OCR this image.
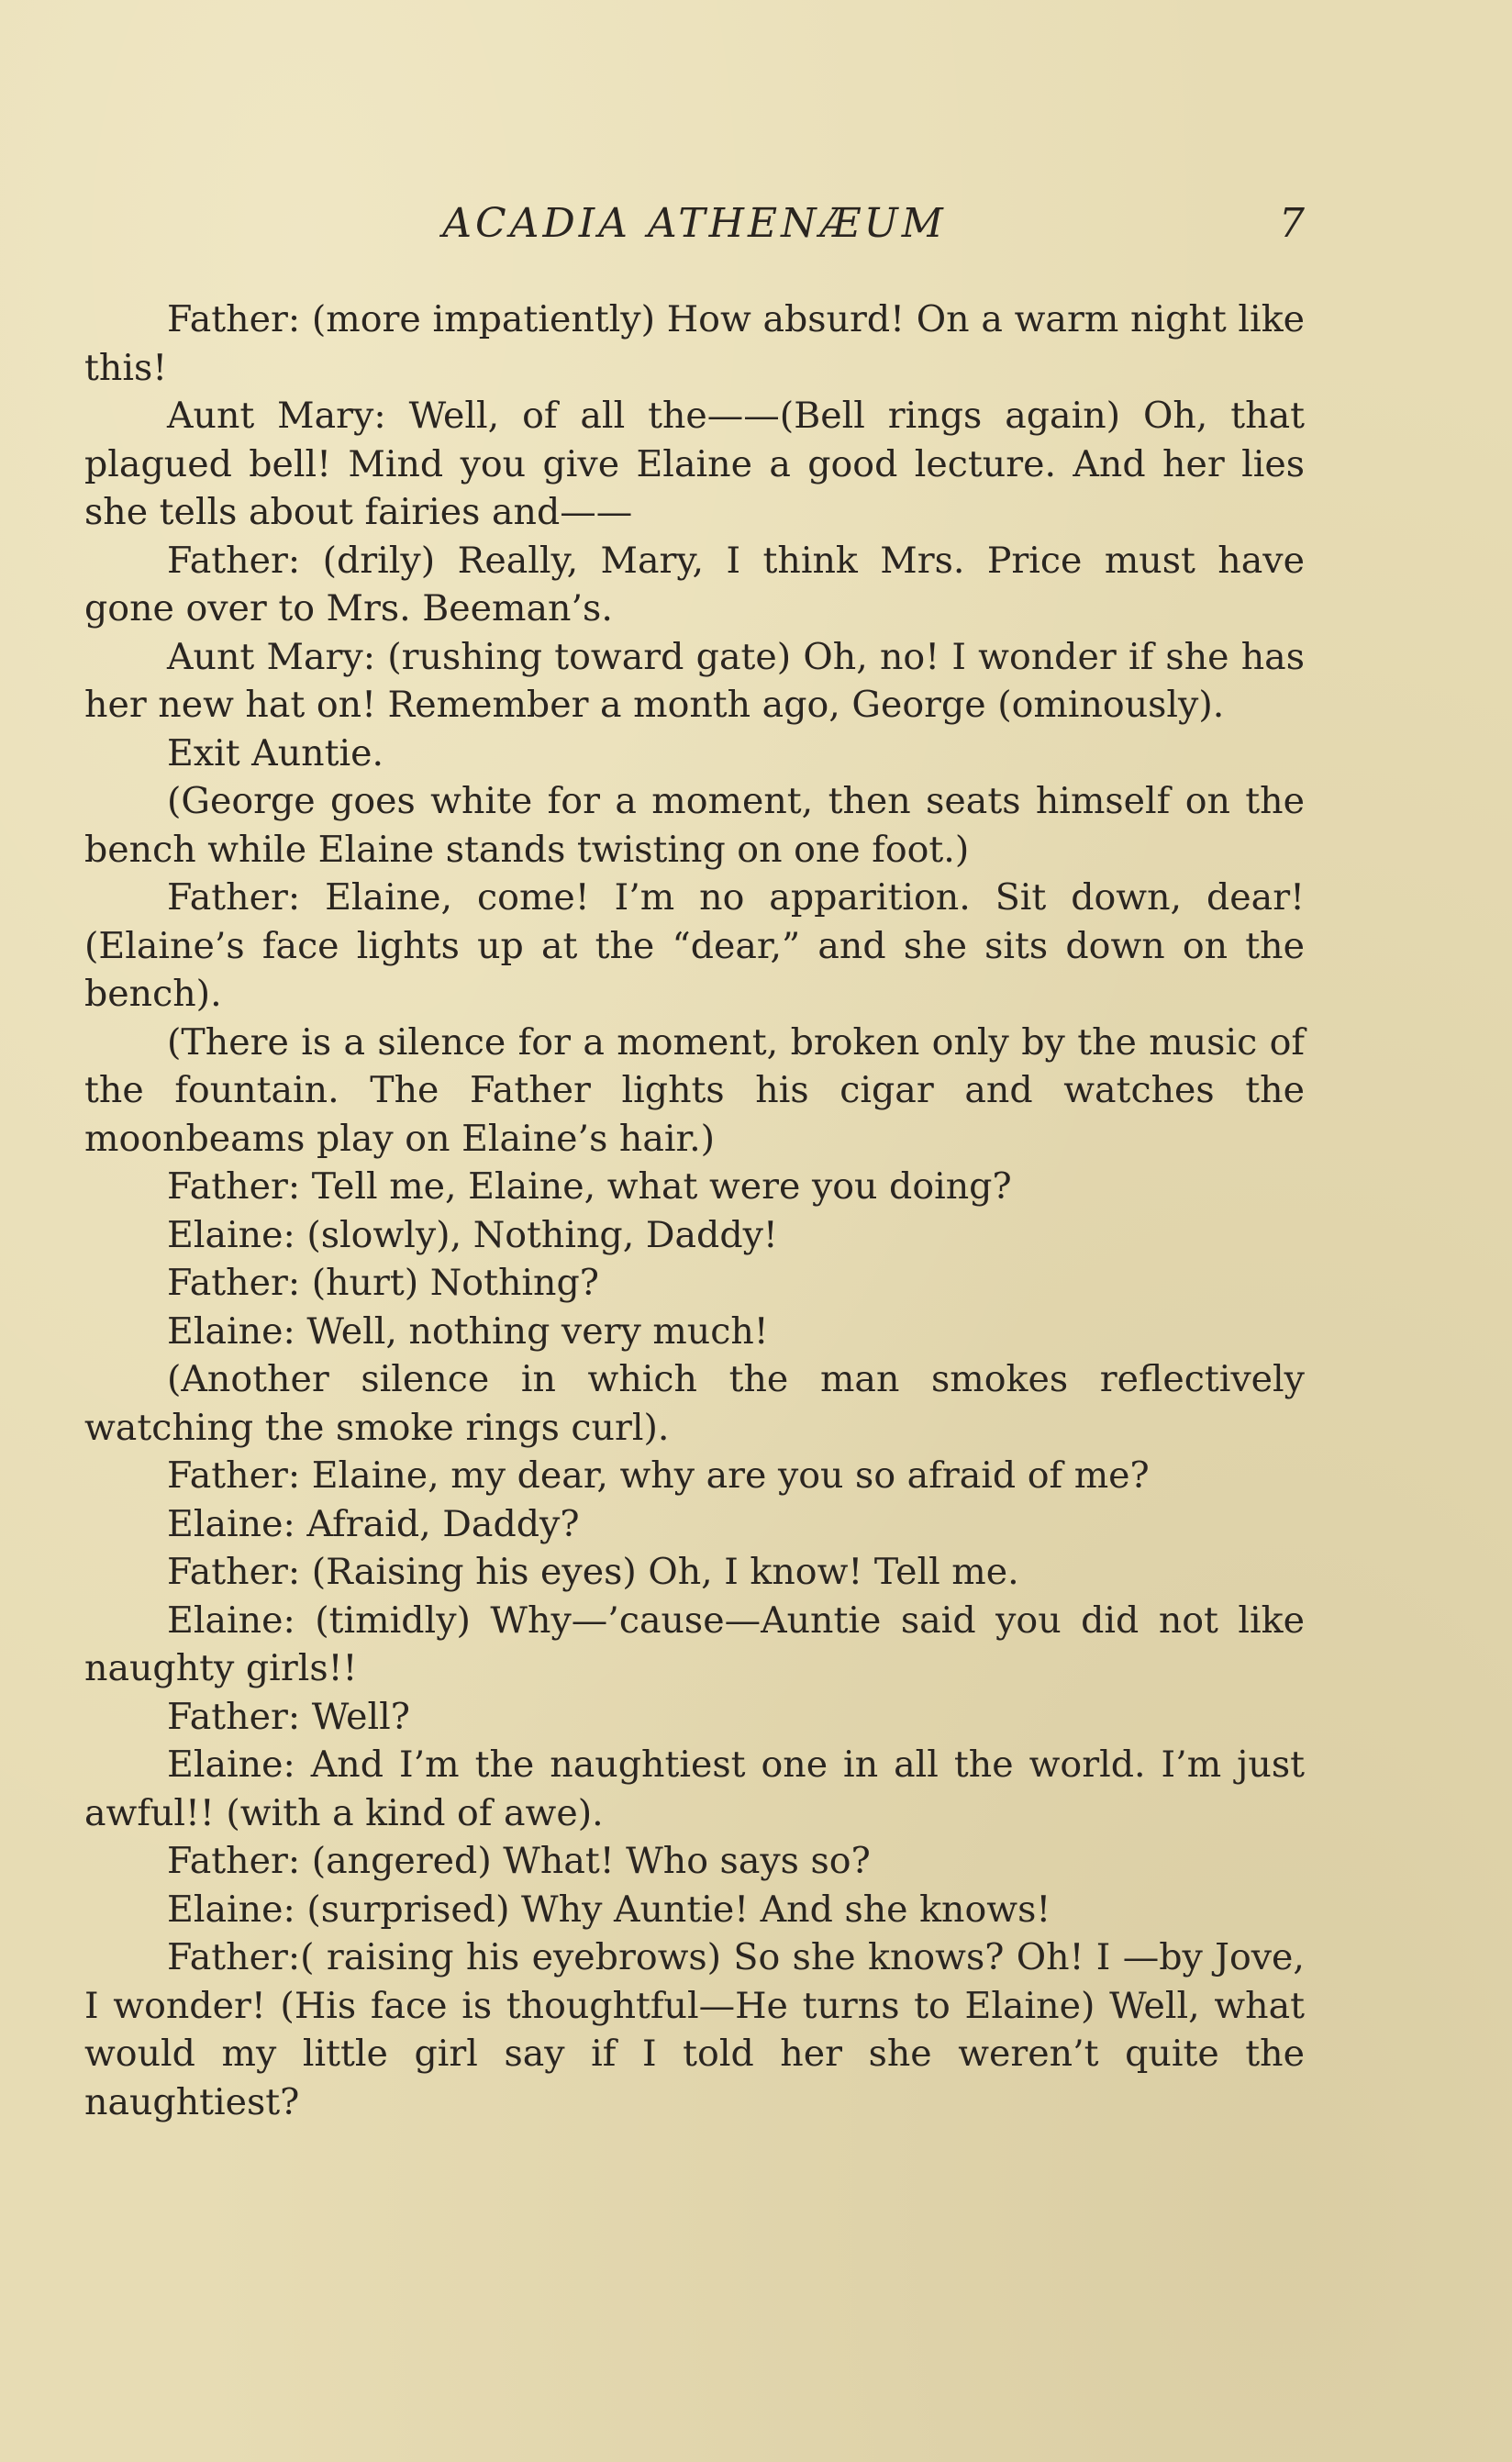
ACADIA ATHENÆUM	7

Father: (more impatiently) How absurd! On a warm night like this!

Aunt Mary: Well, of all the——(Bell rings again) Oh, that plagued bell! Mind you give Elaine a good lecture. And her lies she tells about fairies and——

Father: (drily) Really, Mary, I think Mrs. Price must have gone over to Mrs. Beeman’s.

Aunt Mary: (rushing toward gate) Oh, no! I wonder if she has her new hat on! Remember a month ago, George (ominously).

Exit Auntie.

(George goes white for a moment, then seats himself on the bench while Elaine stands twisting on one foot.)

Father: Elaine, come! I’m no apparition. Sit down, dear! (Elaine’s face lights up at the “dear,” and she sits down on the bench).

(There is a silence for a moment, broken only by the music of the fountain. The Father lights his cigar and watches the moonbeams play on Elaine’s hair.)

Father: Tell me, Elaine, what were you doing?

Elaine: (slowly), Nothing, Daddy!

Father: (hurt) Nothing?

Elaine: Well, nothing very much!

(Another silence in which the man smokes reflectively watching the smoke rings curl).

Father: Elaine, my dear, why are you so afraid of me?

Elaine: Afraid, Daddy?

Father: (Raising his eyes) Oh, I know! Tell me.

Elaine: (timidly) Why—’cause—Auntie said you did not like naughty girls!!

Father: Well?

Elaine: And I’m the naughtiest one in all the world. I’m just awful!! (with a kind of awe).

Father: (angered) What! Who says so?

Elaine: (surprised) Why Auntie! And she knows!

Father:( raising his eyebrows) So she knows? Oh! I —by Jove, I wonder! (His face is thoughtful—He turns to Elaine) Well, what would my little girl say if I told her she weren’t quite the naughtiest?
